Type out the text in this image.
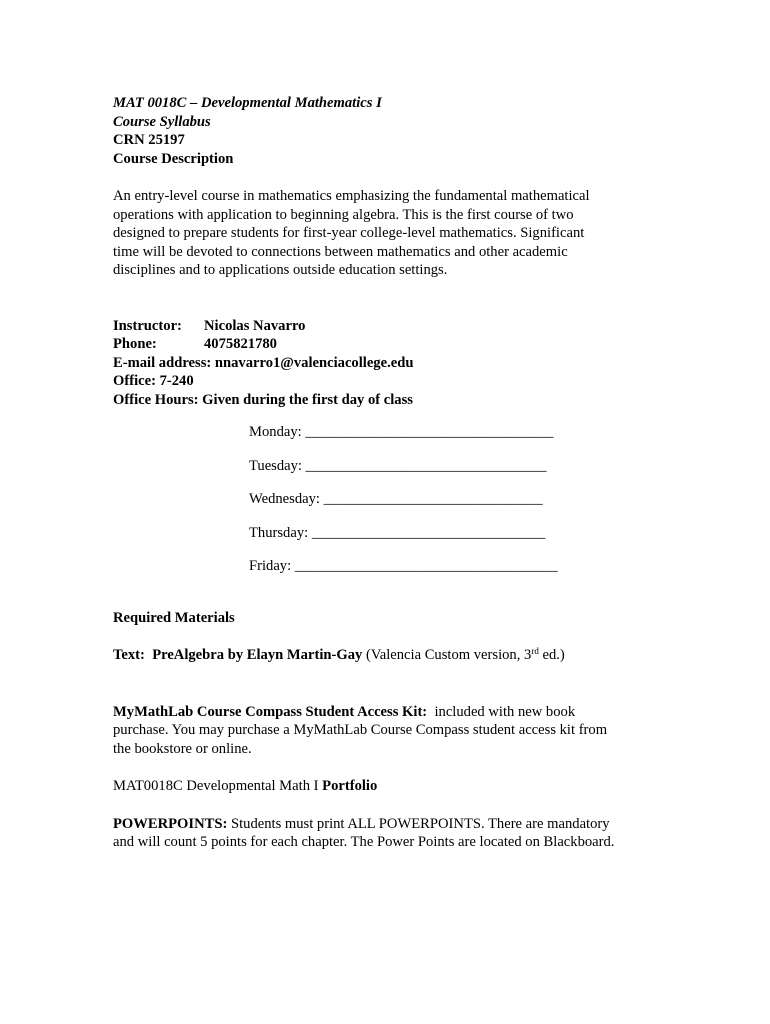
MAT 0018C – Developmental Mathematics I
Course Syllabus
CRN 25197
Course Description

An entry-level course in mathematics emphasizing the fundamental mathematical

operations with application to beginning algebra. This is the first course of two

designed to prepare students for first-year college-level mathematics. Significant

time will be devoted to connections between mathematics and other academic

disciplines and to applications outside education settings.

Instructor: Nicolas Navarro
Phone:	4075821780
E-mail address: nnavarro1@valenciacollege.edu
Office: 7-240
Office Hours: Given during the first day of class
Monday: __________________________________
Tuesday: _________________________________
Wednesday: ______________________________
Thursday: ________________________________
Friday: ____________________________________
Required Materials
Text: PreAlgebra by Elayn Martin-Gay (Valencia Custom version, 3rd ed.)
MyMathLab Course Compass Student Access Kit:  included with new book
purchase. You may purchase a MyMathLab Course Compass student access kit from
the bookstore or online.
MAT0018C Developmental Math I Portfolio
POWERPOINTS: Students must print ALL POWERPOINTS. There are mandatory
and will count 5 points for each chapter. The Power Points are located on Blackboard.
